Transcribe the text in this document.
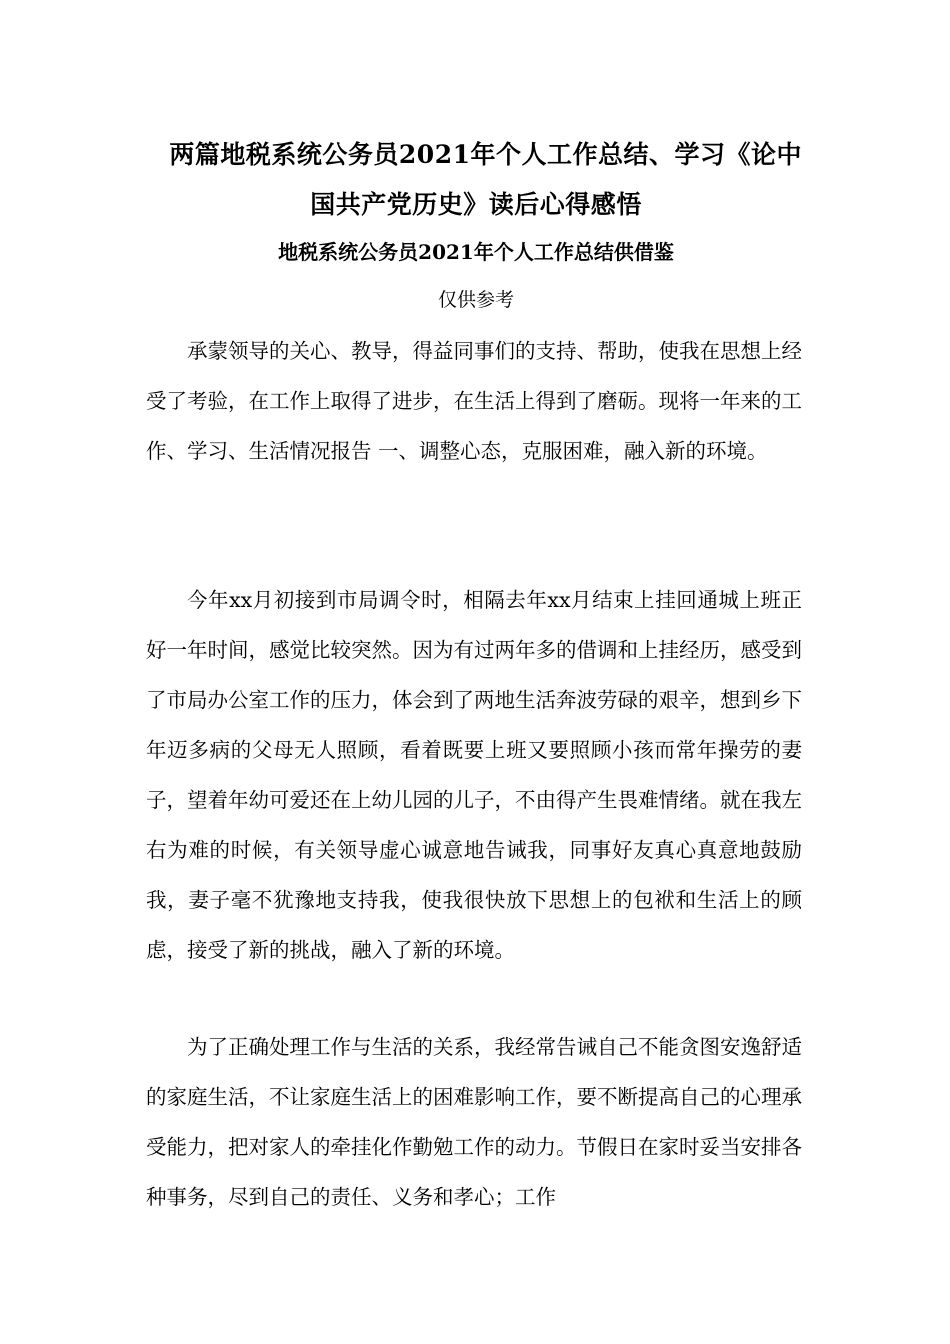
两篇地税系统公务员2021年个人工作总结、学习《论中
国共产党历史》读后心得感悟
地税系统公务员2021年个人工作总结供借鉴
仅供参考

承蒙领导的关心、教导，得益同事们的支持、帮助，使我在思想上经受了考验，在工作上取得了进步，在生活上得到了磨砺。现将一年来的工作、学习、生活情况报告 一、调整心态，克服困难，融入新的环境。

今年xx月初接到市局调令时，相隔去年xx月结束上挂回通城上班正好一年时间，感觉比较突然。因为有过两年多的借调和上挂经历，感受到了市局办公室工作的压力，体会到了两地生活奔波劳碌的艰辛，想到乡下年迈多病的父母无人照顾，看着既要上班又要照顾小孩而常年操劳的妻子，望着年幼可爱还在上幼儿园的儿子，不由得产生畏难情绪。就在我左右为难的时候，有关领导虚心诚意地告诫我，同事好友真心真意地鼓励我，妻子毫不犹豫地支持我，使我很快放下思想上的包袱和生活上的顾虑，接受了新的挑战，融入了新的环境。

为了正确处理工作与生活的关系，我经常告诫自己不能贪图安逸舒适的家庭生活，不让家庭生活上的困难影响工作，要不断提高自己的心理承受能力，把对家人的牵挂化作勤勉工作的动力。节假日在家时妥当安排各种事务，尽到自己的责任、义务和孝心；工作
